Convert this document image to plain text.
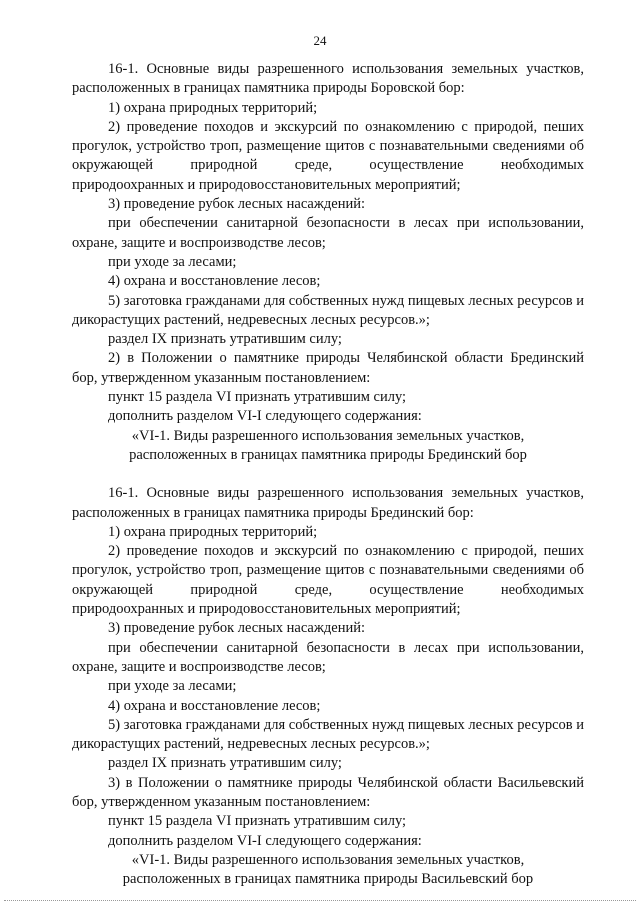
24

16-1. Основные виды разрешенного использования земельных участков, расположенных в границах памятника природы Боровской бор:

1) охрана природных территорий;

2) проведение походов и экскурсий по ознакомлению с природой, пеших прогулок, устройство троп, размещение щитов с познавательными сведениями об окружающей природной среде, осуществление необходимых

природоохранных и природовосстановительных мероприятий;

3) проведение рубок лесных насаждений:

при обеспечении санитарной безопасности в лесах при использовании, охране, защите и воспроизводстве лесов;

при уходе за лесами;

4) охрана и восстановление лесов;

5) заготовка гражданами для собственных нужд пищевых лесных ресурсов и дикорастущих растений, недревесных лесных ресурсов.»;

раздел IX признать утратившим силу;

2) в Положении о памятнике природы Челябинской области Брединский бор, утвержденном указанным постановлением:

пункт 15 раздела VI признать утратившим силу;

дополнить разделом VI-I следующего содержания:

«VI-1. Виды разрешенного использования земельных участков,

расположенных в границах памятника природы Брединский бор

16-1. Основные виды разрешенного использования земельных участков, расположенных в границах памятника природы Брединский бор:

1) охрана природных территорий;

2) проведение походов и экскурсий по ознакомлению с природой, пеших прогулок, устройство троп, размещение щитов с познавательными сведениями об окружающей природной среде, осуществление необходимых

природоохранных и природовосстановительных мероприятий;

3) проведение рубок лесных насаждений:

при обеспечении санитарной безопасности в лесах при использовании, охране, защите и воспроизводстве лесов;

при уходе за лесами;

4) охрана и восстановление лесов;

5) заготовка гражданами для собственных нужд пищевых лесных ресурсов и дикорастущих растений, недревесных лесных ресурсов.»;

раздел IX признать утратившим силу;

3) в Положении о памятнике природы Челябинской области Васильевский бор, утвержденном указанным постановлением:

пункт 15 раздела VI признать утратившим силу;

дополнить разделом VI-I следующего содержания:

«VI-1. Виды разрешенного использования земельных участков,

расположенных в границах памятника природы Васильевский бор
